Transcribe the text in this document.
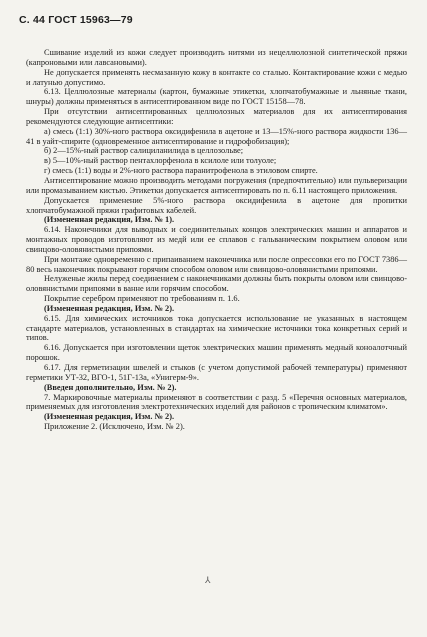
С. 44 ГОСТ 15963—79

Сшивание изделий из кожи следует производить нитями из нецеллюлозной синтетической пряжи (капроновыми или лавсановыми).

Не допускается применять несмазанную кожу в контакте со сталью. Контактирование кожи с медью и латунью допустимо.

6.13. Целлюлозные материалы (картон, бумажные этикетки, хлопчатобумажные и льняные ткани, шнуры) должны применяться в антисептированном виде по ГОСТ 15158—78.

При отсутствии антисептированных целлюлозных материалов для их антисептирования рекомендуются следующие антисептики:

а) смесь (1:1) 30%-ного раствора оксидифенила в ацетоне и 13—15%-ного раствора жидкости 136—41 в уайт-спирите (одновременное антисептирование и гидрофобизация);

б) 2—15%-ный раствор салициланилида в целлозольве;

в) 5—10%-ный раствор пентахлорфенола в ксилоле или толуоле;

г) смесь (1:1) воды и 2%-ного раствора паранитрофенола в этиловом спирте.

Антисептирование можно производить методами погружения (предпочтительно) или пульверизации или промазыванием кистью. Этикетки допускается антисептировать по п. 6.11 настоящего приложения.

Допускается применение 5%-ного раствора оксидифенила в ацетоне для пропитки хлопчатобумажной пряжи графитовых кабелей.

(Измененная редакция, Изм. № 1).

6.14. Наконечники для выводных и соединительных концов электрических машин и аппаратов и монтажных проводов изготовляют из медй или ее сплавов с гальваническим покрытием оловом или свинцово-оловянистыми припоями.

При монтаже одновременно с припаиванием наконечника или после опрессовки его по ГОСТ 7386—80 весь наконечник покрывают горячим способом оловом или свинцово-оловянистыми припоями.

Нелуженые жилы перед соединением с наконечниками должны быть покрыты оловом или свинцово-оловянистыми припоями в ванне или горячим способом.

Покрытие серебром применяют по требованиям п. 1.6.

(Измененная редакция, Изм. № 2).

6.15. Для химических источников тока допускается использование не указанных в настоящем стандарте материалов, установленных в стандартах на химические источники тока конкретных серий и типов.

6.16. Допускается при изготовлении щеток электрических машин применять медный коноалотчный порошок.

6.17. Для герметизации швелей и стыков (с учетом допустимой рабочей температуры) применяют герметики УТ-32, ВГО-1, 51Г-13а, «Унигерм-9».

(Введен дополнительно, Изм. № 2).

7. Маркировочные материалы применяют в соответствии с разд. 5 «Перечня основных материалов, применяемых для изготовления электротехнических изделий для районов с тропическим климатом».

(Измененная редакция, Изм. № 2).

Приложение 2. (Исключено, Изм. № 2).

⅄
